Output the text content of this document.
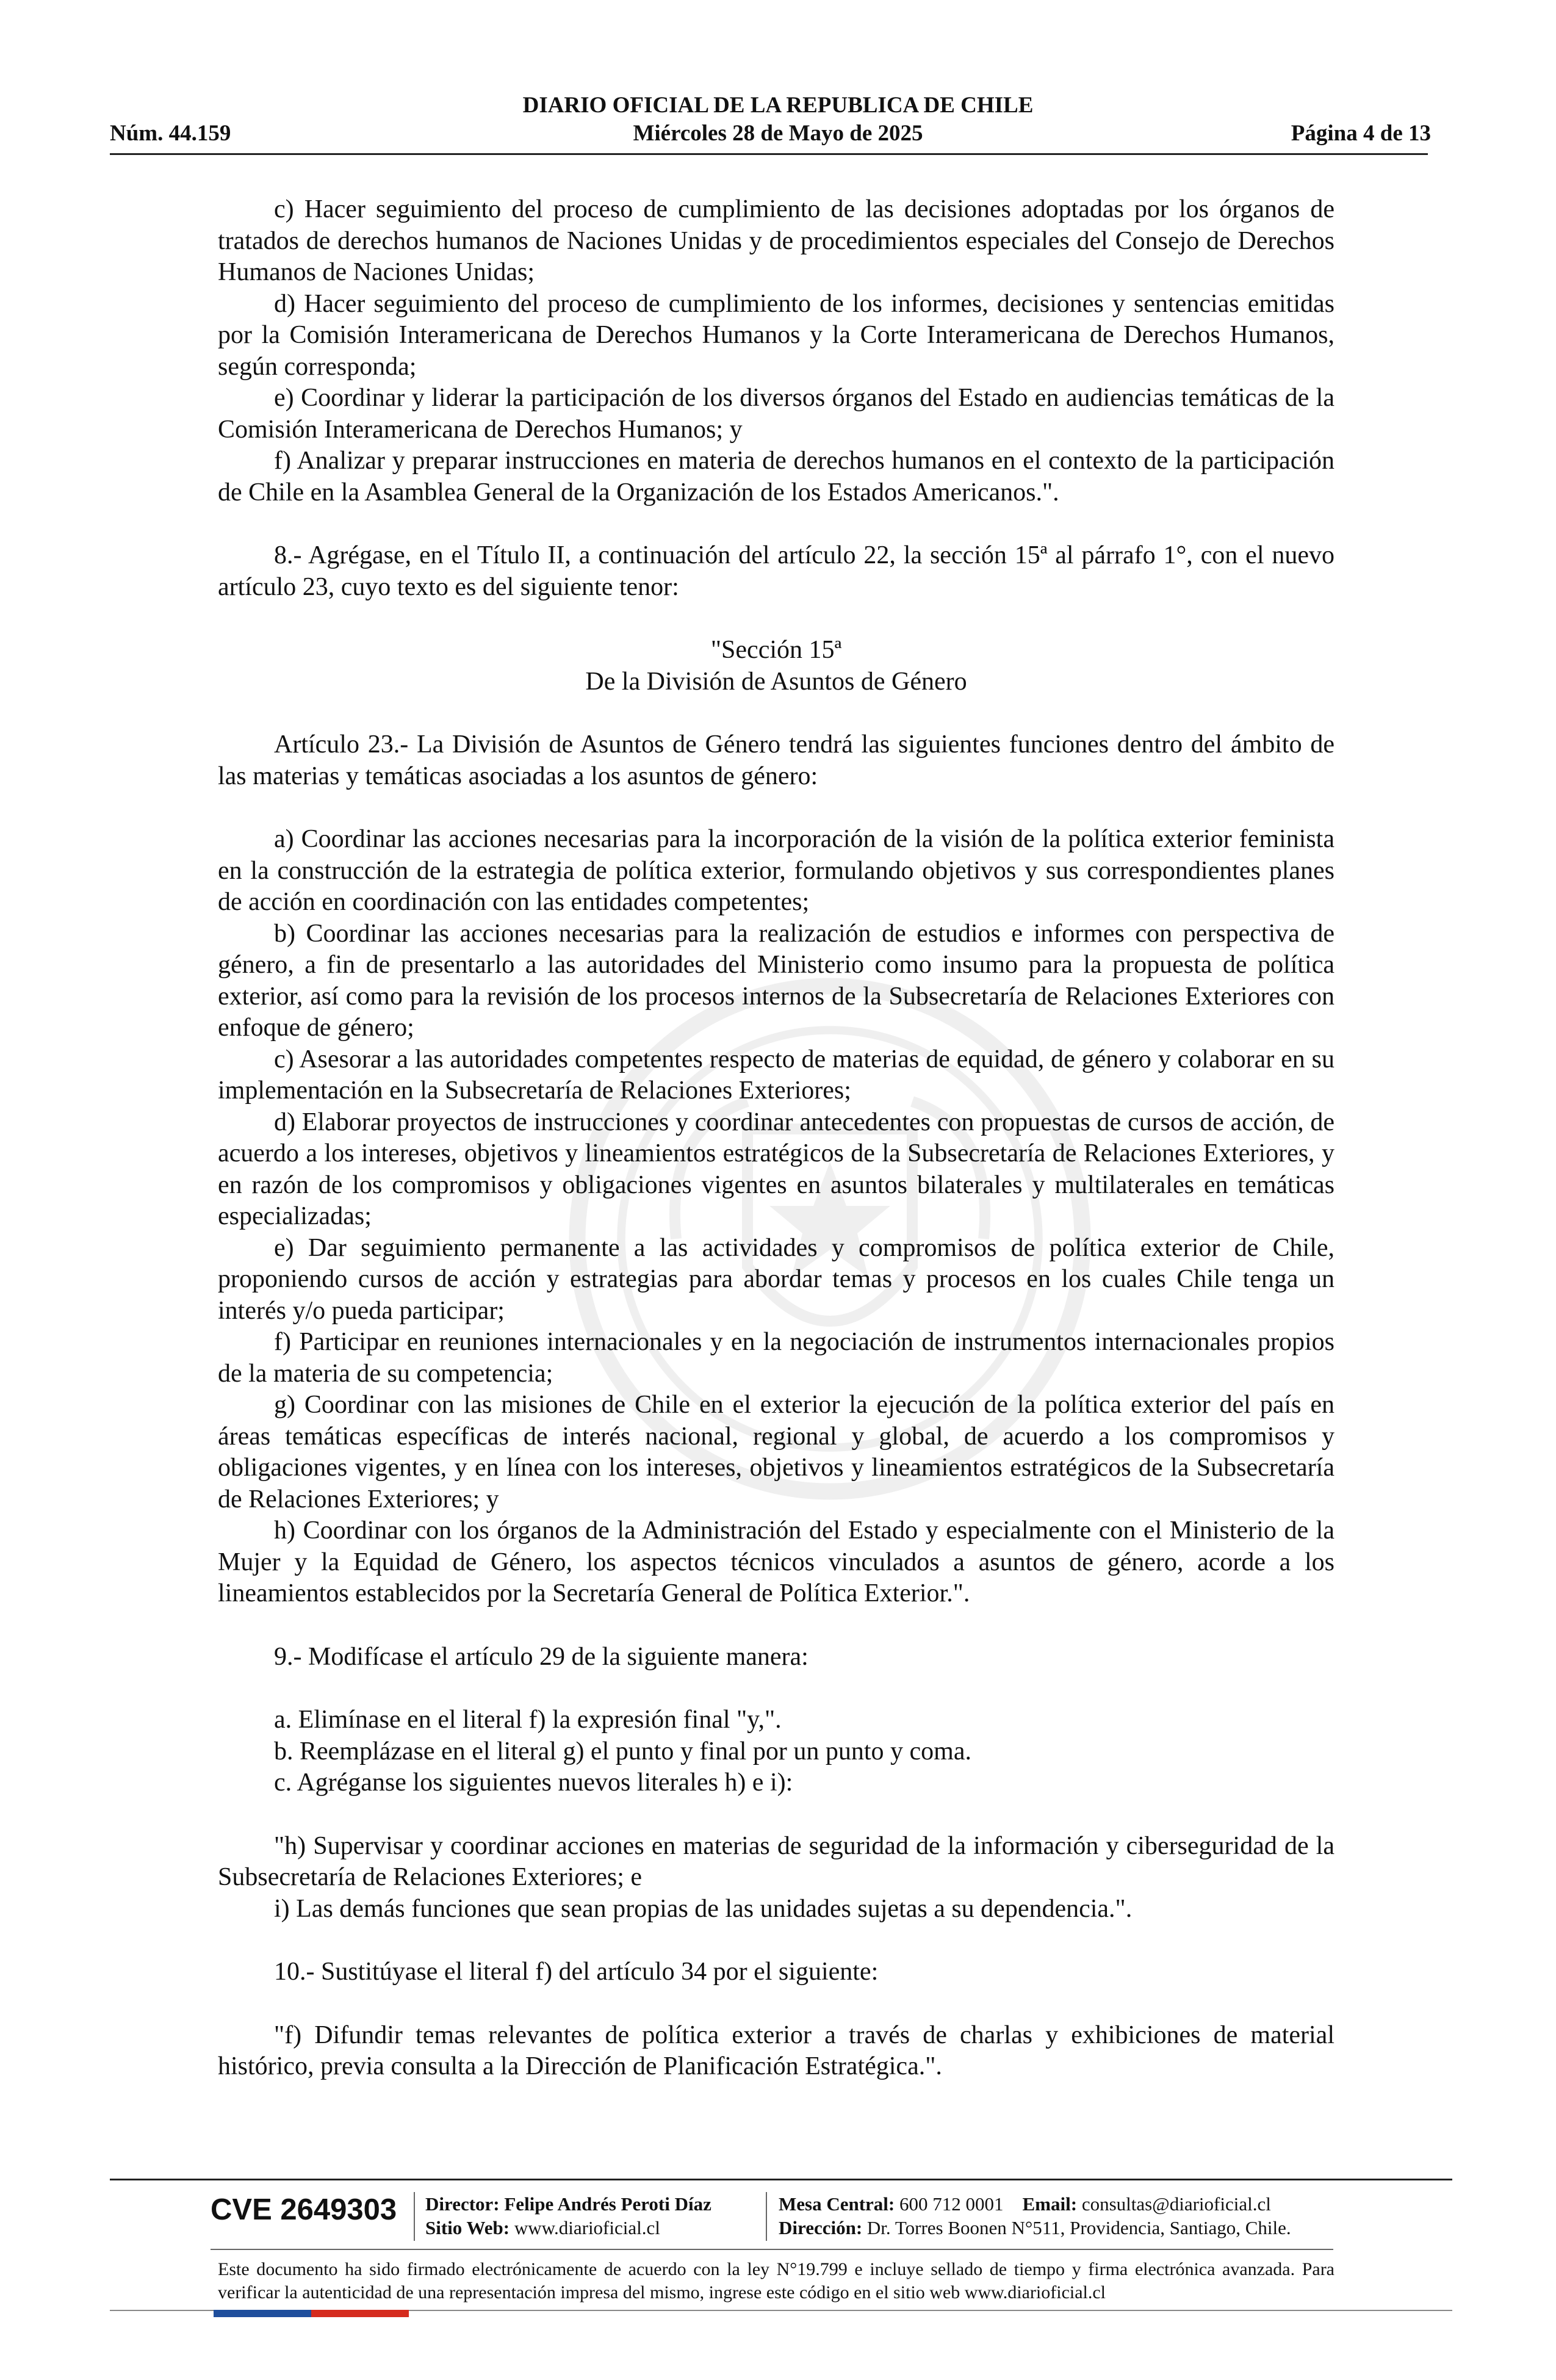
DIARIO OFICIAL DE LA REPUBLICA DE CHILE
Núm. 44.159	Miércoles 28 de Mayo de 2025	Página 4 de 13

c) Hacer seguimiento del proceso de cumplimiento de las decisiones adoptadas por los órganos de tratados de derechos humanos de Naciones Unidas y de procedimientos especiales del Consejo de Derechos Humanos de Naciones Unidas;

d) Hacer seguimiento del proceso de cumplimiento de los informes, decisiones y sentencias emitidas por la Comisión Interamericana de Derechos Humanos y la Corte Interamericana de Derechos Humanos, según corresponda;

e) Coordinar y liderar la participación de los diversos órganos del Estado en audiencias temáticas de la Comisión Interamericana de Derechos Humanos; y

f) Analizar y preparar instrucciones en materia de derechos humanos en el contexto de la participación de Chile en la Asamblea General de la Organización de los Estados Americanos.".

8.- Agrégase, en el Título II, a continuación del artículo 22, la sección 15ª al párrafo 1°, con el nuevo artículo 23, cuyo texto es del siguiente tenor:

"Sección 15ª

De la División de Asuntos de Género

Artículo 23.- La División de Asuntos de Género tendrá las siguientes funciones dentro del ámbito de las materias y temáticas asociadas a los asuntos de género:

a) Coordinar las acciones necesarias para la incorporación de la visión de la política exterior feminista en la construcción de la estrategia de política exterior, formulando objetivos y sus correspondientes planes de acción en coordinación con las entidades competentes;

b) Coordinar las acciones necesarias para la realización de estudios e informes con perspectiva de género, a fin de presentarlo a las autoridades del Ministerio como insumo para la propuesta de política exterior, así como para la revisión de los procesos internos de la Subsecretaría de Relaciones Exteriores con enfoque de género;

c) Asesorar a las autoridades competentes respecto de materias de equidad, de género y colaborar en su implementación en la Subsecretaría de Relaciones Exteriores;

d) Elaborar proyectos de instrucciones y coordinar antecedentes con propuestas de cursos de acción, de acuerdo a los intereses, objetivos y lineamientos estratégicos de la Subsecretaría de Relaciones Exteriores, y en razón de los compromisos y obligaciones vigentes en asuntos bilaterales y multilaterales en temáticas especializadas;

e) Dar seguimiento permanente a las actividades y compromisos de política exterior de Chile, proponiendo cursos de acción y estrategias para abordar temas y procesos en los cuales Chile tenga un interés y/o pueda participar;

f) Participar en reuniones internacionales y en la negociación de instrumentos internacionales propios de la materia de su competencia;

g) Coordinar con las misiones de Chile en el exterior la ejecución de la política exterior del país en áreas temáticas específicas de interés nacional, regional y global, de acuerdo a los compromisos y obligaciones vigentes, y en línea con los intereses, objetivos y lineamientos estratégicos de la Subsecretaría de Relaciones Exteriores; y

h) Coordinar con los órganos de la Administración del Estado y especialmente con el Ministerio de la Mujer y la Equidad de Género, los aspectos técnicos vinculados a asuntos de género, acorde a los lineamientos establecidos por la Secretaría General de Política Exterior.".

9.- Modifícase el artículo 29 de la siguiente manera:

a. Elimínase en el literal f) la expresión final "y,".

b. Reemplázase en el literal g) el punto y final por un punto y coma.

c. Agréganse los siguientes nuevos literales h) e i):

"h) Supervisar y coordinar acciones en materias de seguridad de la información y ciberseguridad de la Subsecretaría de Relaciones Exteriores; e

i) Las demás funciones que sean propias de las unidades sujetas a su dependencia.".

10.- Sustitúyase el literal f) del artículo 34 por el siguiente:

"f) Difundir temas relevantes de política exterior a través de charlas y exhibiciones de material histórico, previa consulta a la Dirección de Planificación Estratégica.".

CVE 2649303 Director: Felipe Andrés Peroti Díaz
Sitio Web: www.diarioficial.cl
Mesa Central: 600 712 0001 Email: consultas@diarioficial.cl
Dirección: Dr. Torres Boonen N°511, Providencia, Santiago, Chile.
Este documento ha sido firmado electrónicamente de acuerdo con la ley N°19.799 e incluye sellado de tiempo y firma electrónica avanzada. Para verificar la autenticidad de una representación impresa del mismo, ingrese este código en el sitio web www.diarioficial.cl
